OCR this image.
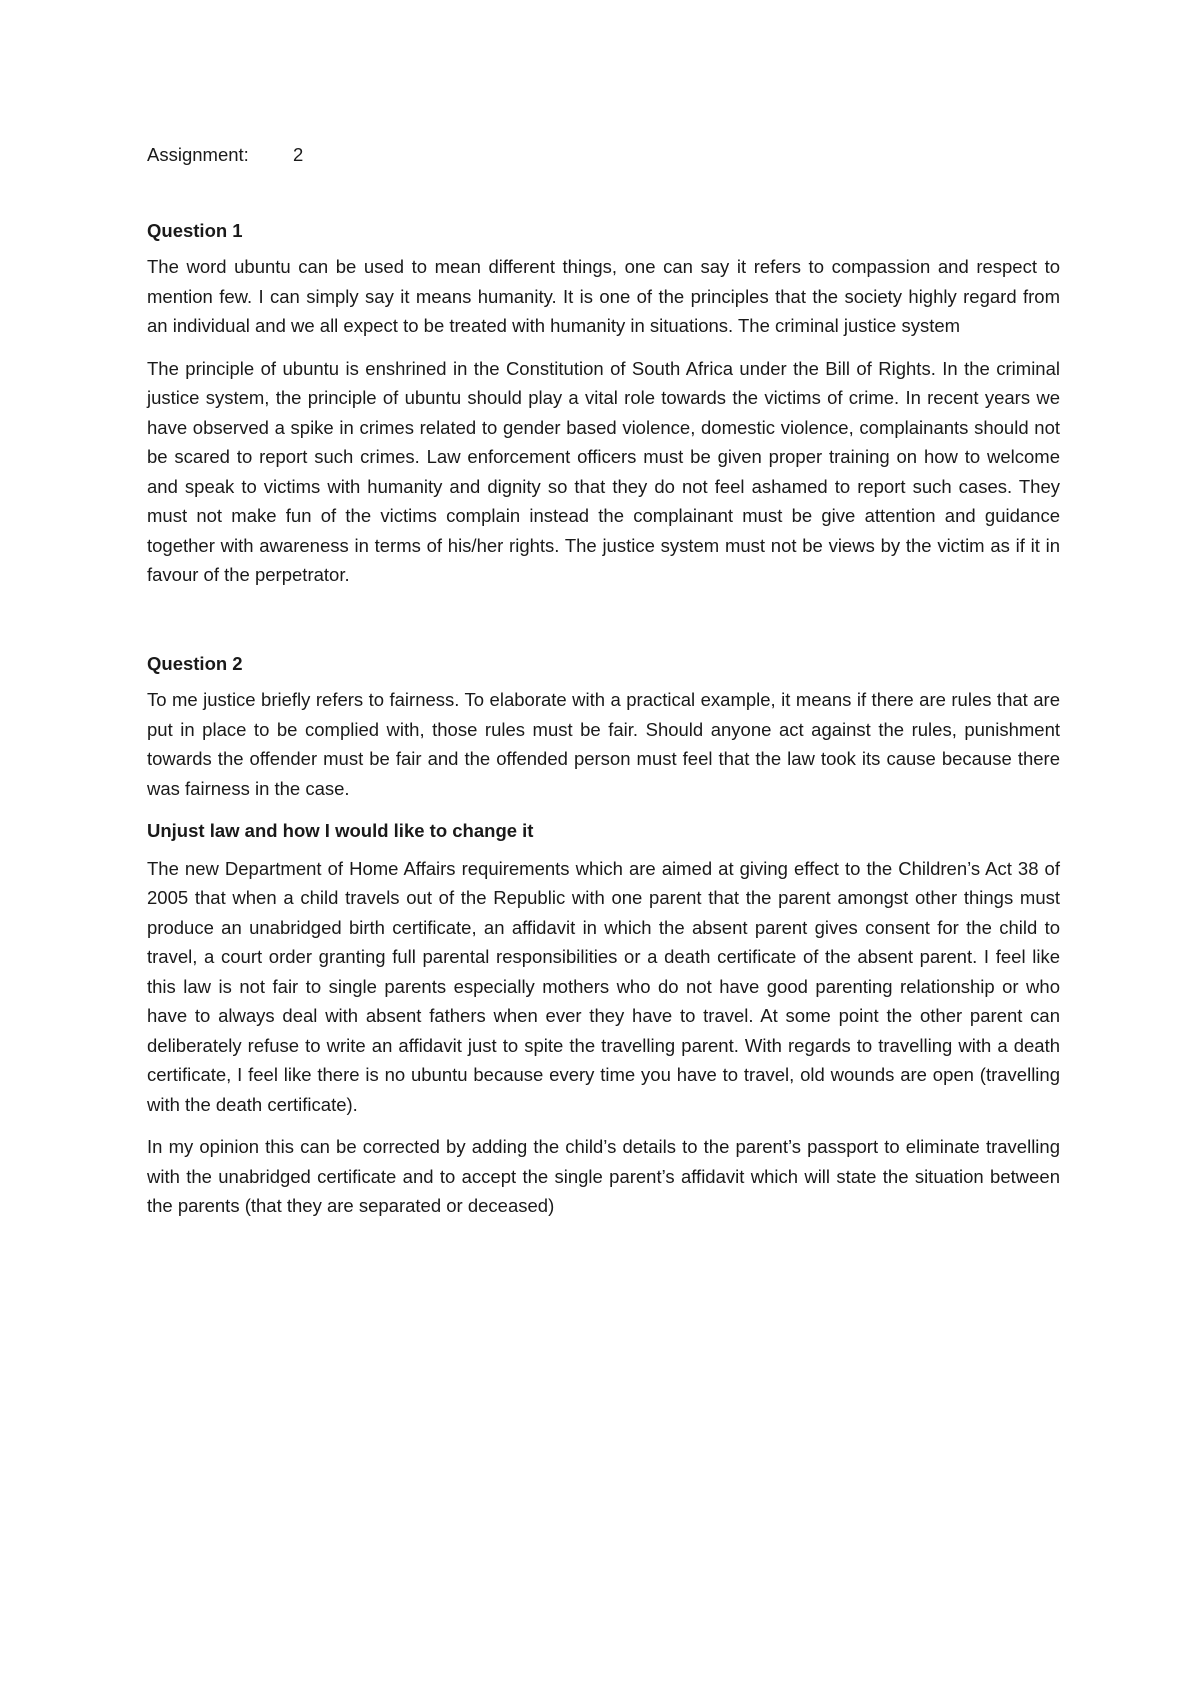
Assignment: 2
Question 1

The word ubuntu can be used to mean different things, one can say it refers to compassion and respect to mention few. I can simply say it means humanity. It is one of the principles that the society highly regard from an individual and we all expect to be treated with humanity in situations. The criminal justice system

The principle of ubuntu is enshrined in the Constitution of South Africa under the Bill of Rights. In the criminal justice system, the principle of ubuntu should play a vital role towards the victims of crime. In recent years we have observed a spike in crimes related to gender based violence, domestic violence, complainants should not be scared to report such crimes. Law enforcement officers must be given proper training on how to welcome and speak to victims with humanity and dignity so that they do not feel ashamed to report such cases. They must not make fun of the victims complain instead the complainant must be give attention and guidance together with awareness in terms of his/her rights. The justice system must not be views by the victim as if it in favour of the perpetrator.

Question 2

To me justice briefly refers to fairness. To elaborate with a practical example, it means if there are rules that are put in place to be complied with, those rules must be fair. Should anyone act against the rules, punishment towards the offender must be fair and the offended person must feel that the law took its cause because there was fairness in the case.

Unjust law and how I would like to change it

The new Department of Home Affairs requirements which are aimed at giving effect to the Children’s Act 38 of 2005 that when a child travels out of the Republic with one parent that the parent amongst other things must produce an unabridged birth certificate, an affidavit in which the absent parent gives consent for the child to travel, a court order granting full parental responsibilities or a death certificate of the absent parent. I feel like this law is not fair to single parents especially mothers who do not have good parenting relationship or who have to always deal with absent fathers when ever they have to travel. At some point the other parent can deliberately refuse to write an affidavit just to spite the travelling parent. With regards to travelling with a death certificate, I feel like there is no ubuntu because every time you have to travel, old wounds are open (travelling with the death certificate).

In my opinion this can be corrected by adding the child’s details to the parent’s passport to eliminate travelling with the unabridged certificate and to accept the single parent’s affidavit which will state the situation between the parents (that they are separated or deceased)
